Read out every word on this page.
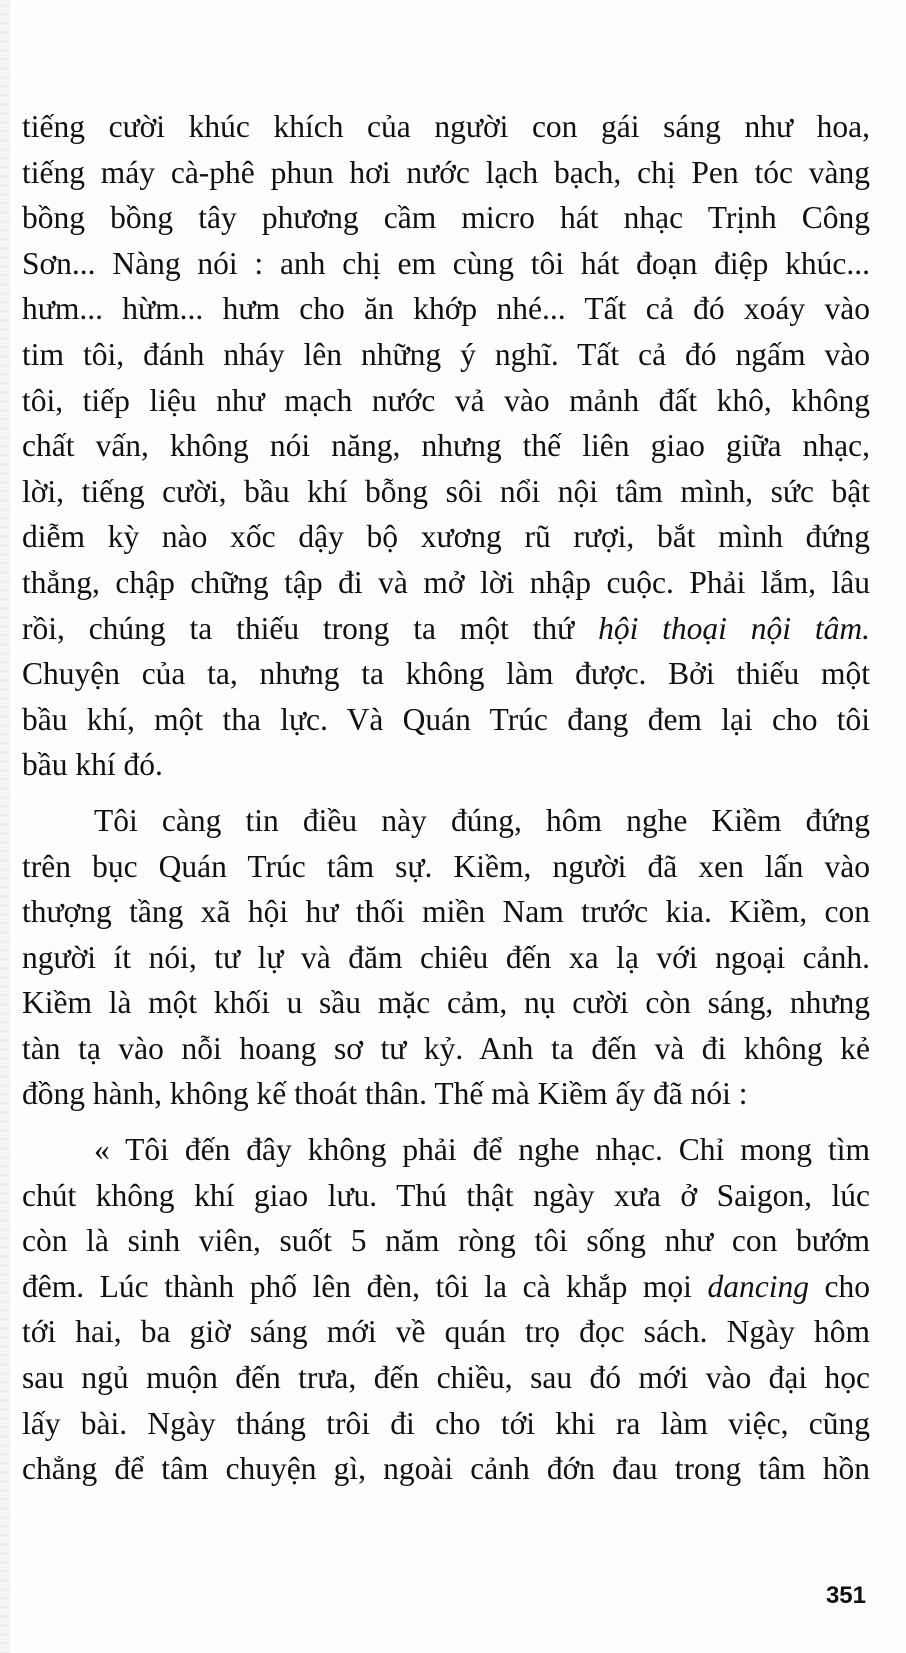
tiếng cười khúc khích của người con gái sáng như hoa,
tiếng máy cà-phê phun hơi nước lạch bạch, chị Pen tóc vàng
bồng bồng tây phương cầm micro hát nhạc Trịnh Công
Sơn... Nàng nói : anh chị em cùng tôi hát đoạn điệp khúc...
hưm... hừm... hưm cho ăn khớp nhé... Tất cả đó xoáy vào
tim tôi, đánh nháy lên những ý nghĩ. Tất cả đó ngấm vào
tôi, tiếp liệu như mạch nước vả vào mảnh đất khô, không
chất vấn, không nói năng, nhưng thế liên giao giữa nhạc,
lời, tiếng cười, bầu khí bỗng sôi nổi nội tâm mình, sức bật
diễm kỳ nào xốc dậy bộ xương rũ rượi, bắt mình đứng
thẳng, chập chững tập đi và mở lời nhập cuộc. Phải lắm, lâu
rồi, chúng ta thiếu trong ta một thứ hội thoại nội tâm.
Chuyện của ta, nhưng ta không làm được. Bởi thiếu một
bầu khí, một tha lực. Và Quán Trúc đang đem lại cho tôi
bầu khí đó.
Tôi càng tin điều này đúng, hôm nghe Kiềm đứng
trên bục Quán Trúc tâm sự. Kiềm, người đã xen lấn vào
thượng tầng xã hội hư thối miền Nam trước kia. Kiềm, con
người ít nói, tư lự và đăm chiêu đến xa lạ với ngoại cảnh.
Kiềm là một khối u sầu mặc cảm, nụ cười còn sáng, nhưng
tàn tạ vào nỗi hoang sơ tư kỷ. Anh ta đến và đi không kẻ
đồng hành, không kế thoát thân. Thế mà Kiềm ấy đã nói :
« Tôi đến đây không phải để nghe nhạc. Chỉ mong tìm
chút không khí giao lưu. Thú thật ngày xưa ở Saigon, lúc
còn là sinh viên, suốt 5 năm ròng tôi sống như con bướm
đêm. Lúc thành phố lên đèn, tôi la cà khắp mọi dancing cho
tới hai, ba giờ sáng mới về quán trọ đọc sách. Ngày hôm
sau ngủ muộn đến trưa, đến chiều, sau đó mới vào đại học
lấy bài. Ngày tháng trôi đi cho tới khi ra làm việc, cũng
chẳng để tâm chuyện gì, ngoài cảnh đớn đau trong tâm hồn
351
